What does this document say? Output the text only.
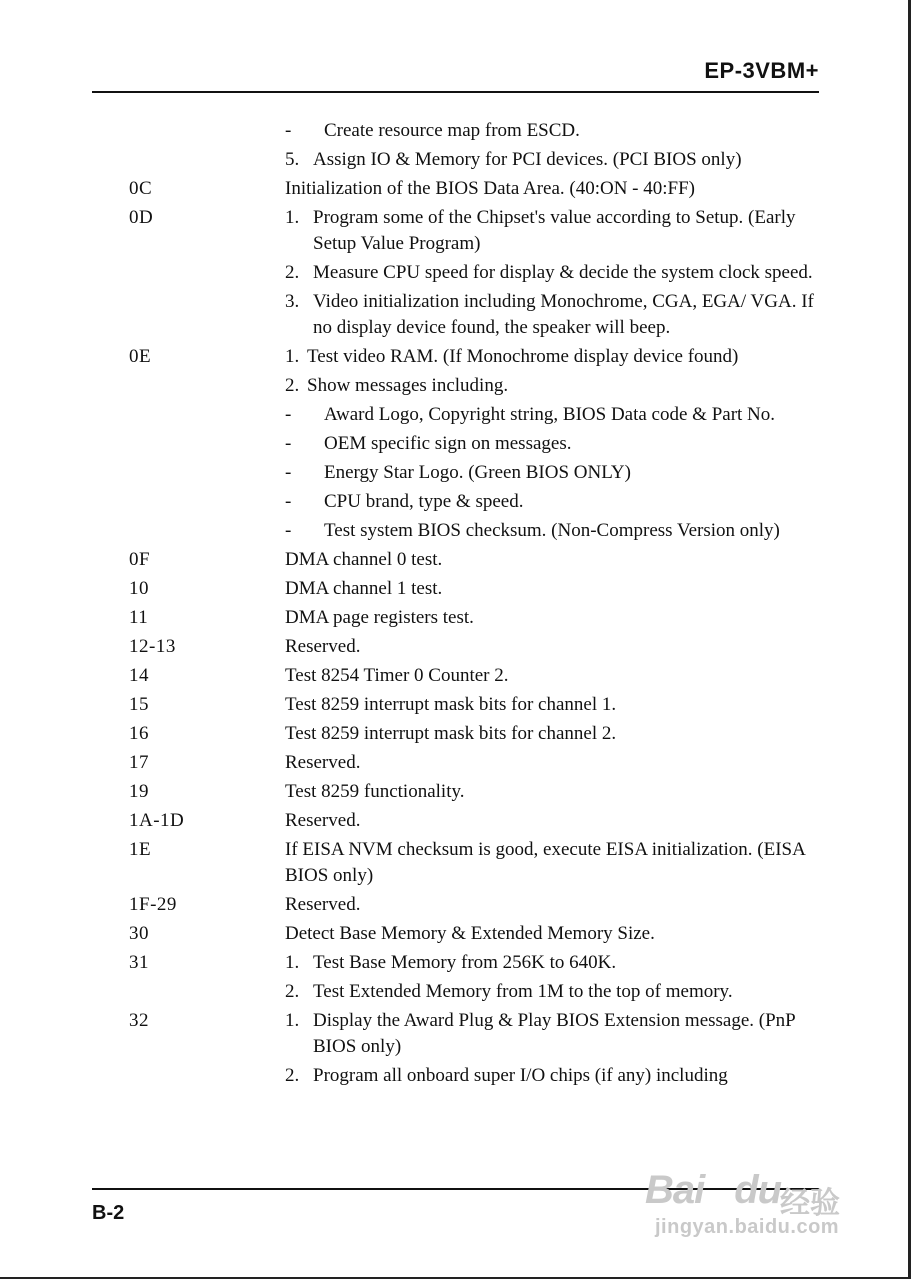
EP-3VBM+
- Create resource map from ESCD.
5. Assign IO & Memory for PCI devices. (PCI BIOS only)
0C	Initialization of the BIOS Data Area. (40:ON - 40:FF)
0D	1. Program some of the Chipset's value according to Setup. (Early Setup Value Program)
2. Measure CPU speed for display & decide the system clock speed.
3. Video initialization including Monochrome, CGA, EGA/ VGA. If no display device found, the speaker will beep.
0E	1. Test video RAM. (If Monochrome display device found)
2. Show messages including.
- Award Logo, Copyright string, BIOS Data code & Part No.
- OEM specific sign on messages.
- Energy Star Logo. (Green BIOS ONLY)
- CPU brand, type & speed.
- Test system BIOS checksum. (Non-Compress Version only)
0F	DMA channel 0 test.
10	DMA channel 1 test.
11	DMA page registers test.
12-13	Reserved.
14	Test 8254 Timer 0 Counter 2.
15	Test 8259 interrupt mask bits for channel 1.
16	Test 8259 interrupt mask bits for channel 2.
17	Reserved.
19	Test 8259 functionality.
1A-1D	Reserved.
1E	If EISA NVM checksum is good, execute EISA initialization. (EISA BIOS only)
1F-29	Reserved.
30	Detect Base Memory & Extended Memory Size.
31	1. Test Base Memory from 256K to 640K.
2. Test Extended Memory from 1M to the top of memory.
32	1. Display the Award Plug & Play BIOS Extension message. (PnP BIOS only)
2. Program all onboard super I/O chips (if any) including
B-2
Bai du
经验
jingyan.baidu.com
